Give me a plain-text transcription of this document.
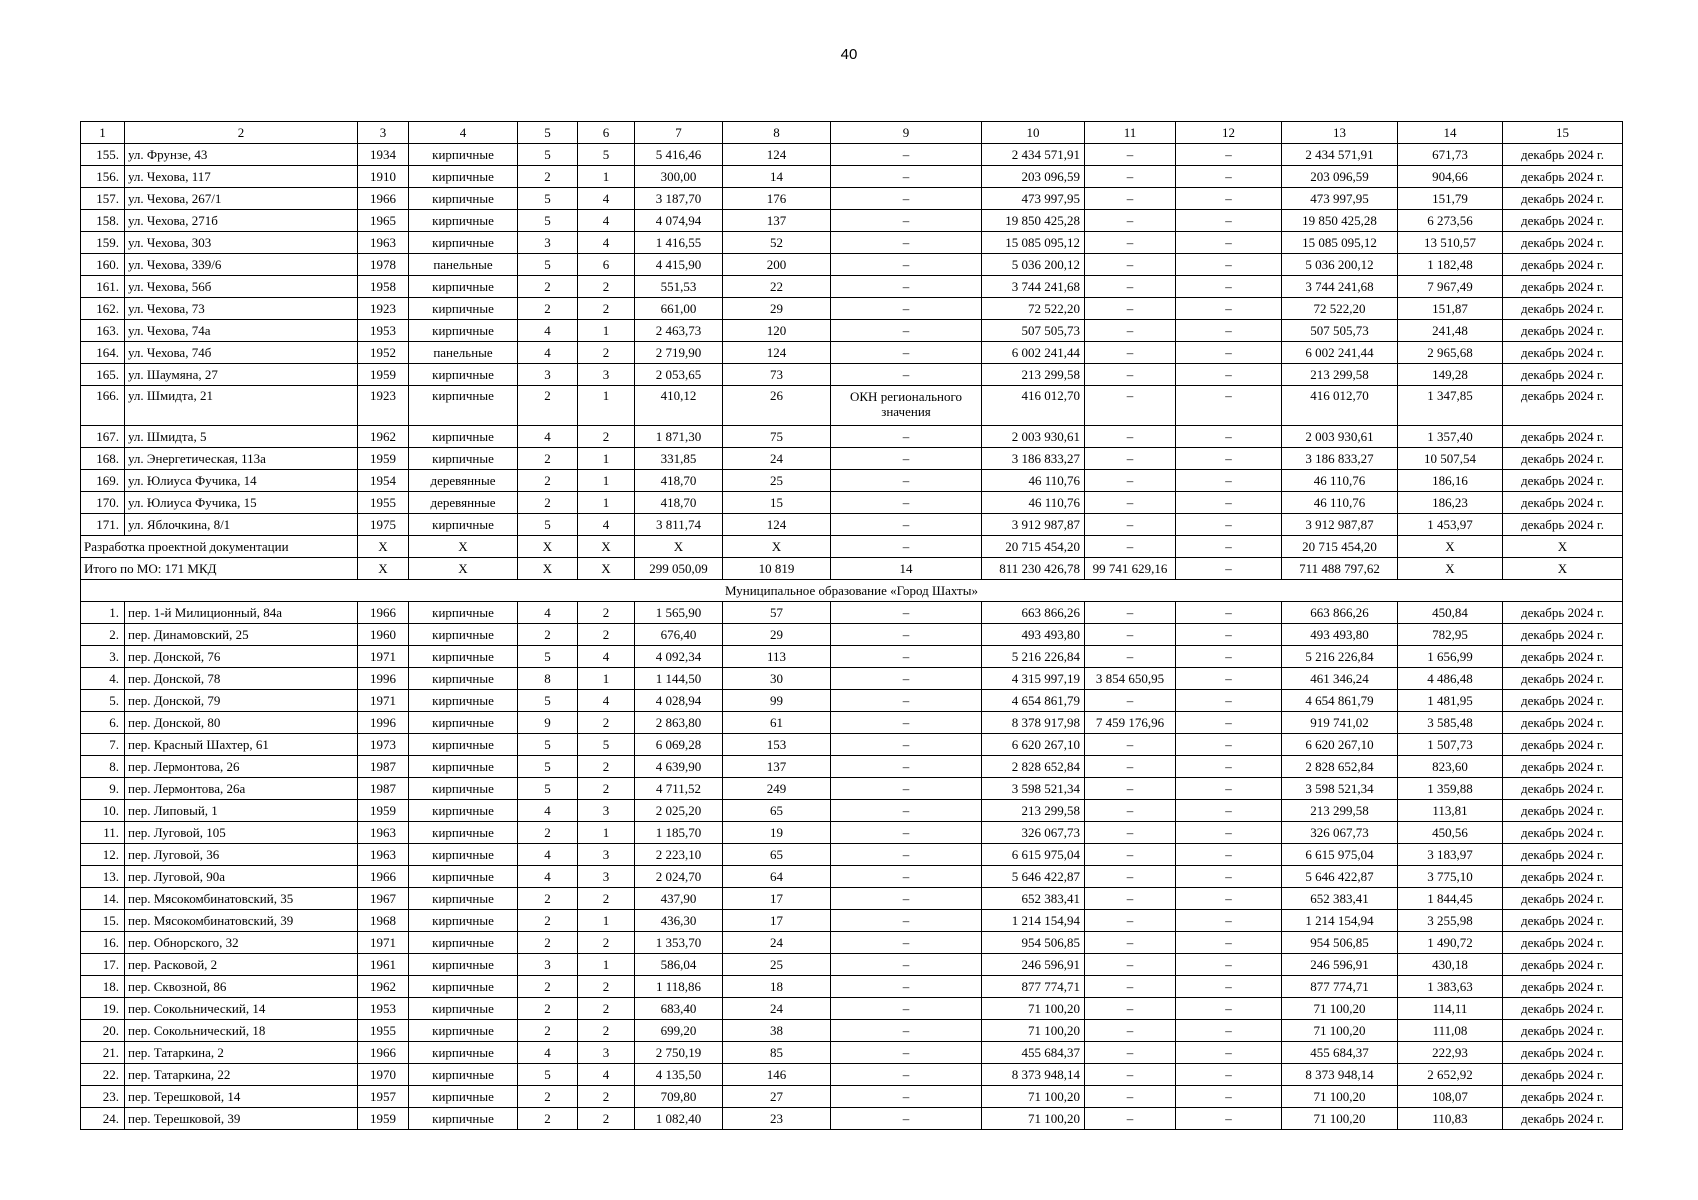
40
1	2	3	4	5	6	7	8	9	10	11	12	13	14	15
155.	ул. Фрунзе, 43	1934	кирпичные	5	5	5 416,46	124	–	2 434 571,91	–	–	2 434 571,91	671,73	декабрь 2024 г.
156.	ул. Чехова, 117	1910	кирпичные	2	1	300,00	14	–	203 096,59	–	–	203 096,59	904,66	декабрь 2024 г.
157.	ул. Чехова, 267/1	1966	кирпичные	5	4	3 187,70	176	–	473 997,95	–	–	473 997,95	151,79	декабрь 2024 г.
158.	ул. Чехова, 271б	1965	кирпичные	5	4	4 074,94	137	–	19 850 425,28	–	–	19 850 425,28	6 273,56	декабрь 2024 г.
159.	ул. Чехова, 303	1963	кирпичные	3	4	1 416,55	52	–	15 085 095,12	–	–	15 085 095,12	13 510,57	декабрь 2024 г.
160.	ул. Чехова, 339/6	1978	панельные	5	6	4 415,90	200	–	5 036 200,12	–	–	5 036 200,12	1 182,48	декабрь 2024 г.
161.	ул. Чехова, 56б	1958	кирпичные	2	2	551,53	22	–	3 744 241,68	–	–	3 744 241,68	7 967,49	декабрь 2024 г.
162.	ул. Чехова, 73	1923	кирпичные	2	2	661,00	29	–	72 522,20	–	–	72 522,20	151,87	декабрь 2024 г.
163.	ул. Чехова, 74а	1953	кирпичные	4	1	2 463,73	120	–	507 505,73	–	–	507 505,73	241,48	декабрь 2024 г.
164.	ул. Чехова, 74б	1952	панельные	4	2	2 719,90	124	–	6 002 241,44	–	–	6 002 241,44	2 965,68	декабрь 2024 г.
165.	ул. Шаумяна, 27	1959	кирпичные	3	3	2 053,65	73	–	213 299,58	–	–	213 299,58	149,28	декабрь 2024 г.
166.	ул. Шмидта, 21	1923	кирпичные	2	1	410,12	26	ОКН регионального значения	416 012,70	–	–	416 012,70	1 347,85	декабрь 2024 г.
167.	ул. Шмидта, 5	1962	кирпичные	4	2	1 871,30	75	–	2 003 930,61	–	–	2 003 930,61	1 357,40	декабрь 2024 г.
168.	ул. Энергетическая, 113а	1959	кирпичные	2	1	331,85	24	–	3 186 833,27	–	–	3 186 833,27	10 507,54	декабрь 2024 г.
169.	ул. Юлиуса Фучика, 14	1954	деревянные	2	1	418,70	25	–	46 110,76	–	–	46 110,76	186,16	декабрь 2024 г.
170.	ул. Юлиуса Фучика, 15	1955	деревянные	2	1	418,70	15	–	46 110,76	–	–	46 110,76	186,23	декабрь 2024 г.
171.	ул. Яблочкина, 8/1	1975	кирпичные	5	4	3 811,74	124	–	3 912 987,87	–	–	3 912 987,87	1 453,97	декабрь 2024 г.
Разработка проектной документации		X	X	X	X	X	X	–	20 715 454,20	–	–	20 715 454,20	X	X
Итого по МО: 171 МКД		X	X	X	X	299 050,09	10 819	14	811 230 426,78	99 741 629,16	–	711 488 797,62	X	X
Муниципальное образование «Город Шахты»														
1.	пер. 1-й Милиционный, 84а	1966	кирпичные	4	2	1 565,90	57	–	663 866,26	–	–	663 866,26	450,84	декабрь 2024 г.
2.	пер. Динамовский, 25	1960	кирпичные	2	2	676,40	29	–	493 493,80	–	–	493 493,80	782,95	декабрь 2024 г.
3.	пер. Донской, 76	1971	кирпичные	5	4	4 092,34	113	–	5 216 226,84	–	–	5 216 226,84	1 656,99	декабрь 2024 г.
4.	пер. Донской, 78	1996	кирпичные	8	1	1 144,50	30	–	4 315 997,19	3 854 650,95	–	461 346,24	4 486,48	декабрь 2024 г.
5.	пер. Донской, 79	1971	кирпичные	5	4	4 028,94	99	–	4 654 861,79	–	–	4 654 861,79	1 481,95	декабрь 2024 г.
6.	пер. Донской, 80	1996	кирпичные	9	2	2 863,80	61	–	8 378 917,98	7 459 176,96	–	919 741,02	3 585,48	декабрь 2024 г.
7.	пер. Красный Шахтер, 61	1973	кирпичные	5	5	6 069,28	153	–	6 620 267,10	–	–	6 620 267,10	1 507,73	декабрь 2024 г.
8.	пер. Лермонтова, 26	1987	кирпичные	5	2	4 639,90	137	–	2 828 652,84	–	–	2 828 652,84	823,60	декабрь 2024 г.
9.	пер. Лермонтова, 26а	1987	кирпичные	5	2	4 711,52	249	–	3 598 521,34	–	–	3 598 521,34	1 359,88	декабрь 2024 г.
10.	пер. Липовый, 1	1959	кирпичные	4	3	2 025,20	65	–	213 299,58	–	–	213 299,58	113,81	декабрь 2024 г.
11.	пер. Луговой, 105	1963	кирпичные	2	1	1 185,70	19	–	326 067,73	–	–	326 067,73	450,56	декабрь 2024 г.
12.	пер. Луговой, 36	1963	кирпичные	4	3	2 223,10	65	–	6 615 975,04	–	–	6 615 975,04	3 183,97	декабрь 2024 г.
13.	пер. Луговой, 90а	1966	кирпичные	4	3	2 024,70	64	–	5 646 422,87	–	–	5 646 422,87	3 775,10	декабрь 2024 г.
14.	пер. Мясокомбинатовский, 35	1967	кирпичные	2	2	437,90	17	–	652 383,41	–	–	652 383,41	1 844,45	декабрь 2024 г.
15.	пер. Мясокомбинатовский, 39	1968	кирпичные	2	1	436,30	17	–	1 214 154,94	–	–	1 214 154,94	3 255,98	декабрь 2024 г.
16.	пер. Обнорского, 32	1971	кирпичные	2	2	1 353,70	24	–	954 506,85	–	–	954 506,85	1 490,72	декабрь 2024 г.
17.	пер. Расковой, 2	1961	кирпичные	3	1	586,04	25	–	246 596,91	–	–	246 596,91	430,18	декабрь 2024 г.
18.	пер. Сквозной, 86	1962	кирпичные	2	2	1 118,86	18	–	877 774,71	–	–	877 774,71	1 383,63	декабрь 2024 г.
19.	пер. Сокольнический, 14	1953	кирпичные	2	2	683,40	24	–	71 100,20	–	–	71 100,20	114,11	декабрь 2024 г.
20.	пер. Сокольнический, 18	1955	кирпичные	2	2	699,20	38	–	71 100,20	–	–	71 100,20	111,08	декабрь 2024 г.
21.	пер. Татаркина, 2	1966	кирпичные	4	3	2 750,19	85	–	455 684,37	–	–	455 684,37	222,93	декабрь 2024 г.
22.	пер. Татаркина, 22	1970	кирпичные	5	4	4 135,50	146	–	8 373 948,14	–	–	8 373 948,14	2 652,92	декабрь 2024 г.
23.	пер. Терешковой, 14	1957	кирпичные	2	2	709,80	27	–	71 100,20	–	–	71 100,20	108,07	декабрь 2024 г.
24.	пер. Терешковой, 39	1959	кирпичные	2	2	1 082,40	23	–	71 100,20	–	–	71 100,20	110,83	декабрь 2024 г.
